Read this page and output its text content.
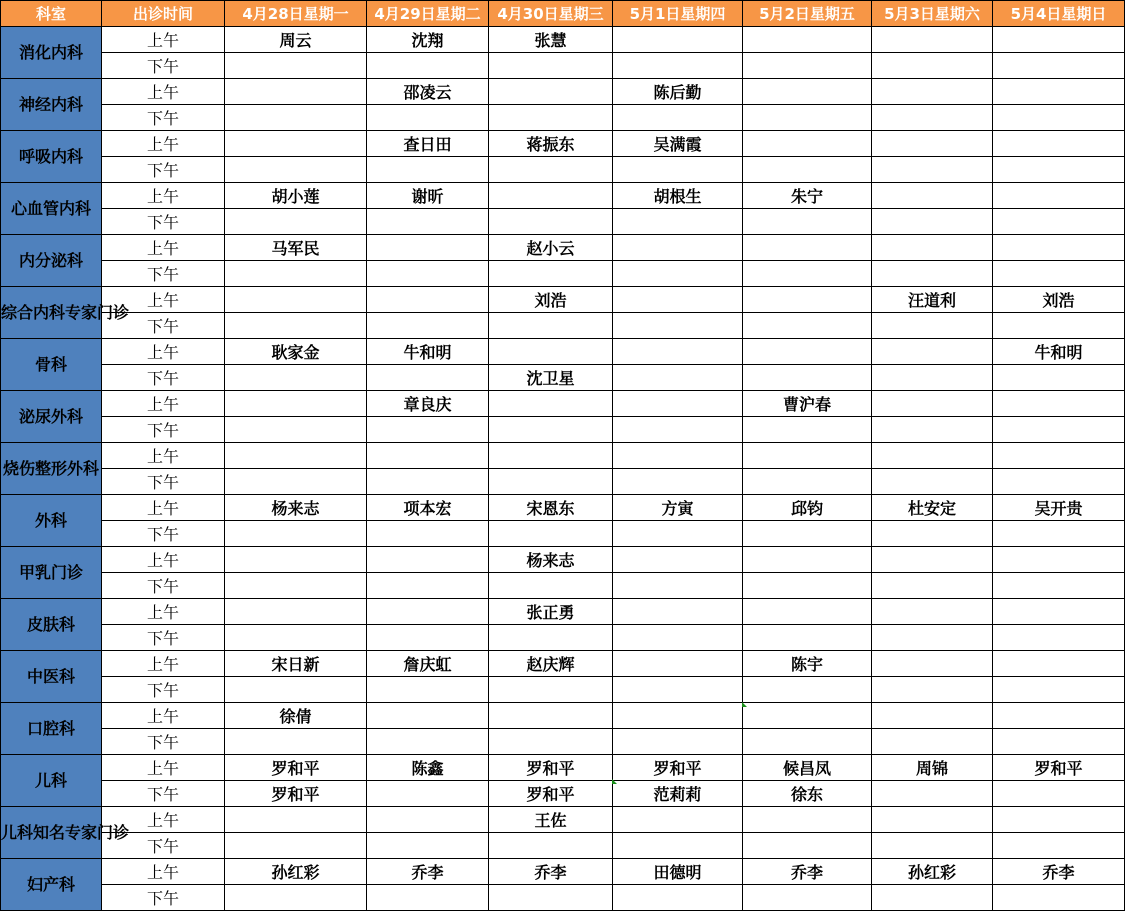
科室	出诊时间	4月28日星期一	4月29日星期二	4月30日星期三	5月1日星期四	5月2日星期五	5月3日星期六	5月4日星期日
消化内科	上午	周云	沈翔	张慧				
	下午							
神经内科	上午		邵凌云		陈后勤			
	下午							
呼吸内科	上午		查日田	蒋振东	吴满霞			
	下午							
心血管内科	上午	胡小莲	谢昕		胡根生	朱宁		
	下午							
内分泌科	上午	马军民		赵小云				
	下午							
综合内科专家门诊	上午			刘浩			汪道利	刘浩
	下午							
骨科	上午	耿家金	牛和明					牛和明
	下午			沈卫星				
泌尿外科	上午		章良庆			曹沪春		
	下午							
烧伤整形外科	上午							
	下午							
外科	上午	杨来志	项本宏	宋恩东	方寅	邱钧	杜安定	吴开贵
	下午							
甲乳门诊	上午			杨来志				
	下午							
皮肤科	上午			张正勇				
	下午							
中医科	上午	宋日新	詹庆虹	赵庆辉		陈宇		
	下午							
口腔科	上午	徐倩						
	下午							
儿科	上午	罗和平	陈鑫	罗和平	罗和平	候昌凤	周锦	罗和平
	下午	罗和平		罗和平	范莉莉	徐东		
儿科知名专家门诊	上午			王佐				
	下午							
妇产科	上午	孙红彩	乔李	乔李	田德明	乔李	孙红彩	乔李
	下午							
